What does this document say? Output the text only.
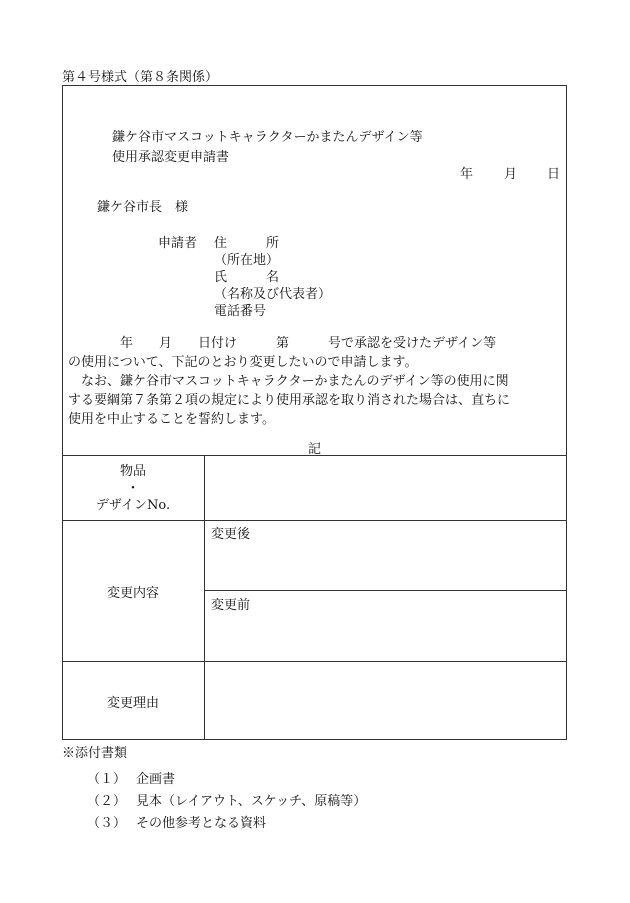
第４号様式（第８条関係）
鎌ケ谷市マスコットキャラクターかまたんデザイン等
使用承認変更申請書
年 月 日
鎌ケ谷市長　様
申請者 住　　　所
（所在地）
氏　　　名
（名称及び代表者）
電話番号
　　　　年　　月　　日付け　　　第　　　号で承認を受けたデザイン等
の使用について、下記のとおり変更したいので申請します。
　なお、鎌ケ谷市マスコットキャラクターかまたんのデザイン等の使用に関
する要綱第７条第２項の規定により使用承認を取り消された場合は、直ちに
使用を中止することを誓約します。
記
物品
・
デザインNo.
変更内容
変更後
変更前
変更理由
※添付書類
（１） 企画書
（２） 見本（レイアウト、スケッチ、原稿等）
（３） その他参考となる資料
